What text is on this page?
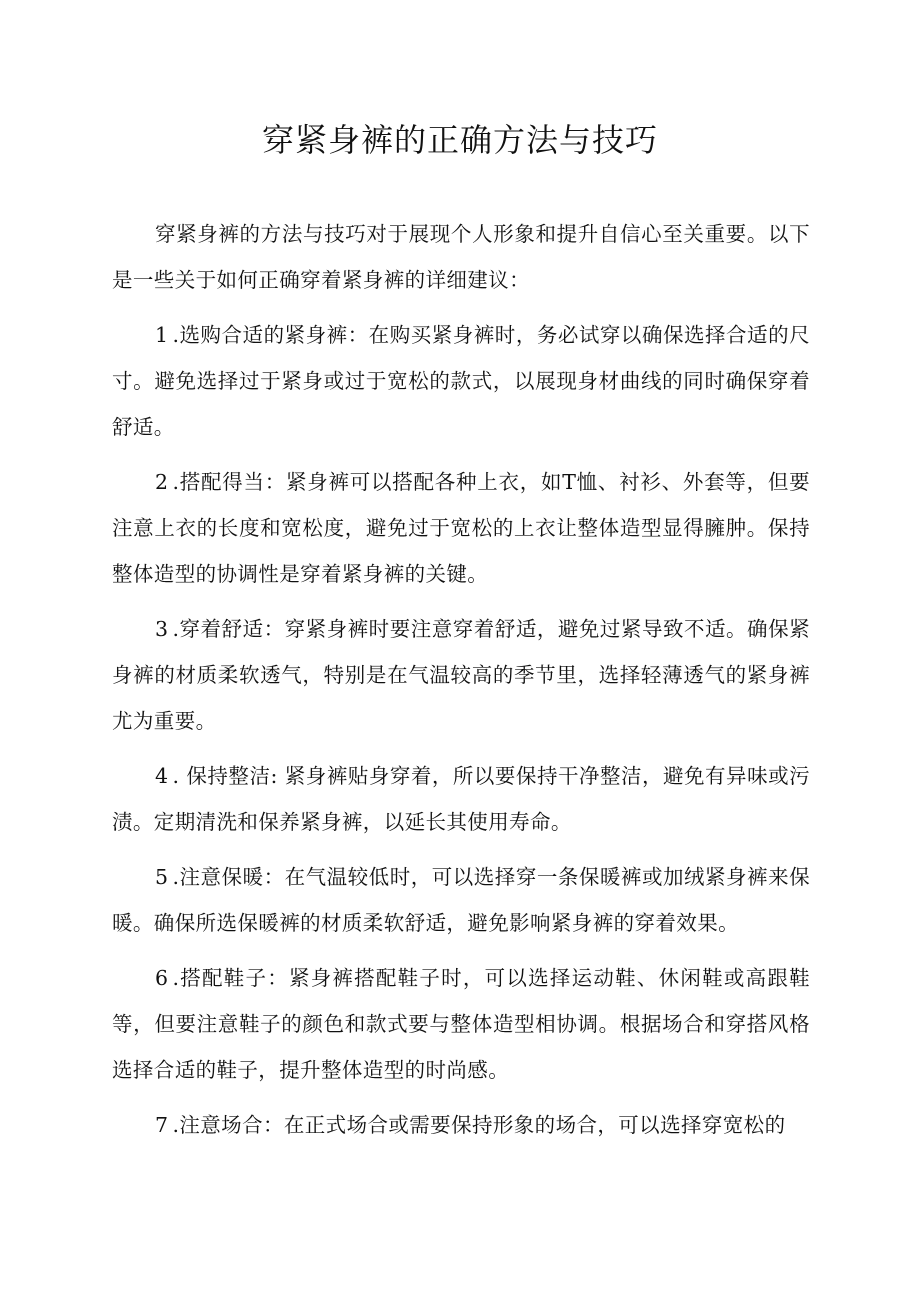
穿紧身裤的正确方法与技巧

穿紧身裤的方法与技巧对于展现个人形象和提升自信心至关重要。以下是一些关于如何正确穿着紧身裤的详细建议：

1 .选购合适的紧身裤：在购买紧身裤时，务必试穿以确保选择合适的尺寸。避免选择过于紧身或过于宽松的款式，以展现身材曲线的同时确保穿着舒适。

2 .搭配得当：紧身裤可以搭配各种上衣，如T恤、衬衫、外套等，但要注意上衣的长度和宽松度，避免过于宽松的上衣让整体造型显得臃肿。保持整体造型的协调性是穿着紧身裤的关键。

3 .穿着舒适：穿紧身裤时要注意穿着舒适，避免过紧导致不适。确保紧身裤的材质柔软透气，特别是在气温较高的季节里，选择轻薄透气的紧身裤尤为重要。

4 . 保持整洁: 紧身裤贴身穿着，所以要保持干净整洁，避免有异味或污渍。定期清洗和保养紧身裤，以延长其使用寿命。

5 .注意保暖：在气温较低时，可以选择穿一条保暖裤或加绒紧身裤来保暖。确保所选保暖裤的材质柔软舒适，避免影响紧身裤的穿着效果。

6 .搭配鞋子：紧身裤搭配鞋子时，可以选择运动鞋、休闲鞋或高跟鞋等，但要注意鞋子的颜色和款式要与整体造型相协调。根据场合和穿搭风格选择合适的鞋子，提升整体造型的时尚感。

7 .注意场合：在正式场合或需要保持形象的场合，可以选择穿宽松的
